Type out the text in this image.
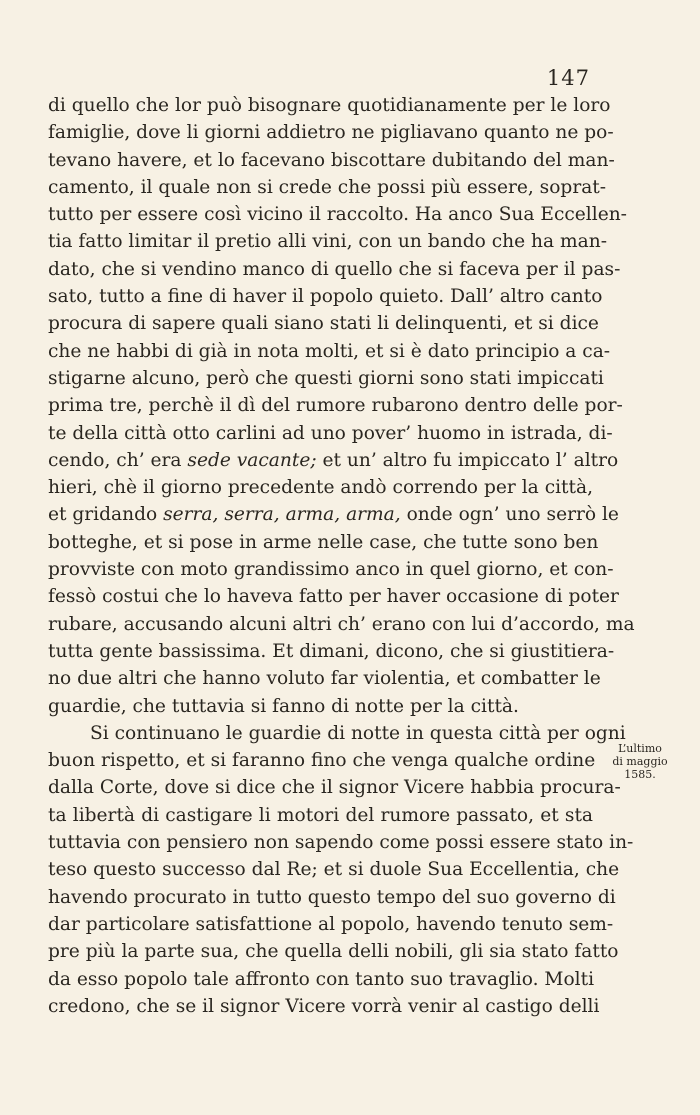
147
di quello che lor può bisognare quotidianamente per le loro
famiglie, dove li giorni addietro ne pigliavano quanto ne po-
tevano havere, et lo facevano biscottare dubitando del man-
camento, il quale non si crede che possi più essere, soprat-
tutto per essere così vicino il raccolto. Ha anco Sua Eccellen-
tia fatto limitar il pretio alli vini, con un bando che ha man-
dato, che si vendino manco di quello che si faceva per il pas-
sato, tutto a fine di haver il popolo quieto. Dall’ altro canto
procura di sapere quali siano stati li delinquenti, et si dice
che ne habbi di già in nota molti, et si è dato principio a ca-
stigarne alcuno, però che questi giorni sono stati impiccati
prima tre, perchè il dì del rumore rubarono dentro delle por-
te della città otto carlini ad uno pover’ huomo in istrada, di-
cendo, ch’ era sede vacante; et un’ altro fu impiccato l’ altro
hieri, chè il giorno precedente andò correndo per la città,
et gridando serra, serra, arma, arma, onde ogn’ uno serrò le
botteghe, et si pose in arme nelle case, che tutte sono ben
provviste con moto grandissimo anco in quel giorno, et con-
fessò costui che lo haveva fatto per haver occasione di poter
rubare, accusando alcuni altri ch’ erano con lui d’accordo, ma
tutta gente bassissima. Et dimani, dicono, che si giustitiera-
no due altri che hanno voluto far violentia, et combatter le
guardie, che tuttavia si fanno di notte per la città.
Si continuano le guardie di notte in questa città per ogni
buon rispetto, et si faranno fino che venga qualche ordine
dalla Corte, dove si dice che il signor Vicere habbia procura-
ta libertà di castigare li motori del rumore passato, et sta
tuttavia con pensiero non sapendo come possi essere stato in-
teso questo successo dal Re; et si duole Sua Eccellentia, che
havendo procurato in tutto questo tempo del suo governo di
dar particolare satisfattione al popolo, havendo tenuto sem-
pre più la parte sua, che quella delli nobili, gli sia stato fatto
da esso popolo tale affronto con tanto suo travaglio. Molti
credono, che se il signor Vicere vorrà venir al castigo delli
L’ultimo
di maggio
1585.
